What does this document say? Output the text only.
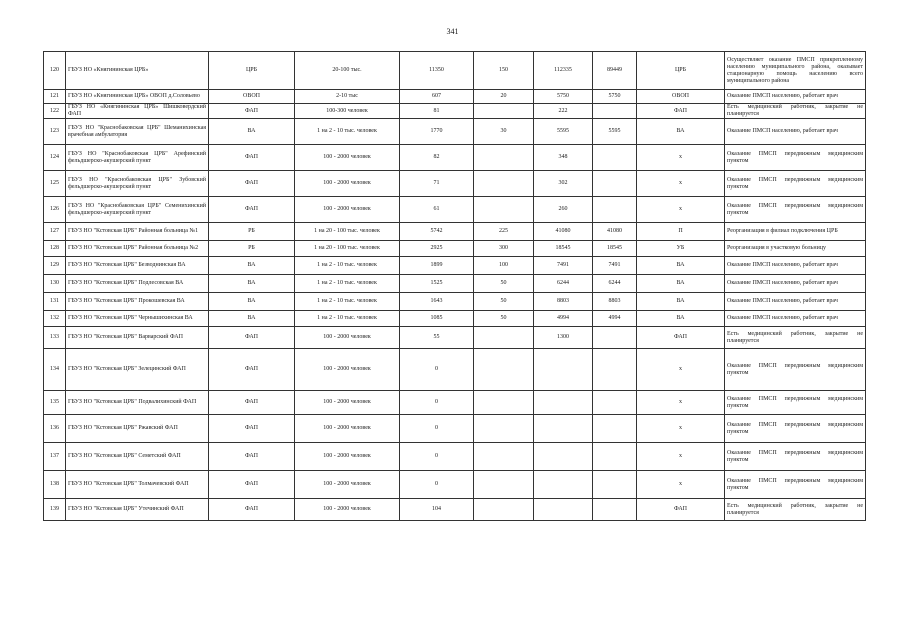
341
120	ГБУЗ НО «Княгининская ЦРБ»	ЦРБ	20-100 тыс.	11350	150	112335	89449	ЦРБ	Осуществляет оказание ПМСП прикрепленному населению муниципального района, оказывает стационарную помощь населению всего муниципального района
121	ГБУЗ НО «Княгининская ЦРБ» ОВОП д.Соловьево	ОВОП	2-10 тыс	607	20	5750	5750	ОВОП	Оказание ПМСП населению, работает врач
122	ГБУЗ НО «Княгининская ЦРБ» Шишковердский ФАП	ФАП	100-300 человек	81		222		ФАП	Есть медицинский работник, закрытие не планируется
123	ГБУЗ НО "Краснобаковская ЦРБ" Шеманихинская врачебная амбулатория	ВА	1 на 2 - 10 тыс. человек	1770	30	5595	5595	ВА	Оказание ПМСП населению, работает врач
124	ГБУЗ НО "Краснобаковская ЦРБ" Арефинский фельдшерско-акушерский пункт	ФАП	100 - 2000 человек	82		348		x	Оказание ПМСП передвижным медицинским пунктом
125	ГБУЗ НО "Краснобаковская ЦРБ" Зубовский фельдшерско-акушерский пункт	ФАП	100 - 2000 человек	71		302		x	Оказание ПМСП передвижным медицинским пунктом
126	ГБУЗ НО "Краснобаковская ЦРБ" Семенихинский фельдшерско-акушерский пункт	ФАП	100 - 2000 человек	61		260		x	Оказание ПМСП передвижным медицинским пунктом
127	ГБУЗ НО "Кстовская ЦРБ" Районная больница №1	РБ	1 на 20 - 100 тыс. человек	5742	225	41080	41080	П	Реорганизация в филиал подключения ЦРБ
128	ГБУЗ НО "Кстовская ЦРБ" Районная больница №2	РБ	1 на 20 - 100 тыс. человек	2925	300	18545	18545	УБ	Реорганизация в участковую больницу
129	ГБУЗ НО "Кстовская ЦРБ" Безводнинская ВА	ВА	1 на 2 - 10 тыс. человек	1899	100	7491	7491	ВА	Оказание ПМСП населению, работает врач
130	ГБУЗ НО "Кстовская ЦРБ" Подлесовская ВА	ВА	1 на 2 - 10 тыс. человек	1525	50	6244	6244	ВА	Оказание ПМСП населению, работает врач
131	ГБУЗ НО "Кстовская ЦРБ" Прокошевская ВА	ВА	1 на 2 - 10 тыс. человек	1643	50	8803	8803	ВА	Оказание ПМСП населению, работает врач
132	ГБУЗ НО "Кстовская ЦРБ" Чернышихинская ВА	ВА	1 на 2 - 10 тыс. человек	1085	50	4994	4994	ВА	Оказание ПМСП населению, работает врач
133	ГБУЗ НО "Кстовская ЦРБ" Варварский ФАП	ФАП	100 - 2000 человек	55		1300		ФАП	Есть медицинский работник, закрытие не планируется
134	ГБУЗ НО "Кстовская ЦРБ" Зелецинский ФАП	ФАП	100 - 2000 человек	0				x	Оказание ПМСП передвижным медицинским пунктом
135	ГБУЗ НО "Кстовская ЦРБ" Подвалихинский ФАП	ФАП	100 - 2000 человек	0				x	Оказание ПМСП передвижным медицинским пунктом
136	ГБУЗ НО "Кстовская ЦРБ" Ржавский ФАП	ФАП	100 - 2000 человек	0				x	Оказание ПМСП передвижным медицинским пунктом
137	ГБУЗ НО "Кстовская ЦРБ" Семетский ФАП	ФАП	100 - 2000 человек	0				x	Оказание ПМСП передвижным медицинским пунктом
138	ГБУЗ НО "Кстовская ЦРБ" Толмачевский ФАП	ФАП	100 - 2000 человек	0				x	Оказание ПМСП передвижным медицинским пунктом
139	ГБУЗ НО "Кстовская ЦРБ" Утечинский ФАП	ФАП	100 - 2000 человек	104				ФАП	Есть медицинский работник, закрытие не планируется
